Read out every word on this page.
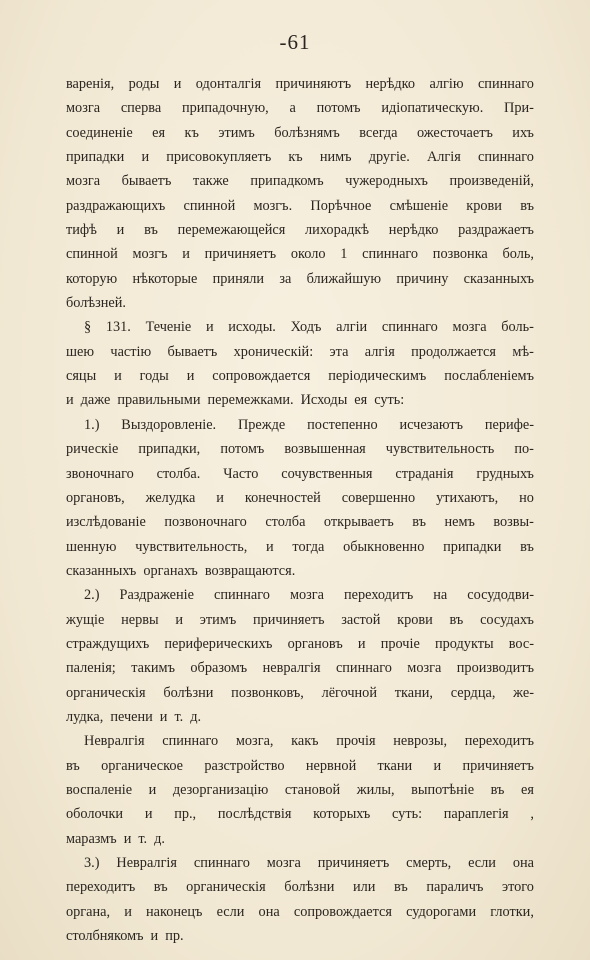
-61
варенiя, роды и одонталгiя причиняютъ нерѣдко алгiю спиннаго
мозга сперва припадочную, а потомъ идiопатическую. При-
соединенiе ея къ этимъ болѣзнямъ всегда ожесточаетъ ихъ
припадки и присовокупляетъ къ нимъ другiе. Алгiя спиннаго
мозга бываетъ также припадкомъ чужеродныхъ произведенiй,
раздражающихъ спинной мозгъ. Порѣчное смѣшенiе крови въ
тифѣ и въ перемежающейся лихорадкѣ нерѣдко раздражаетъ
спинной мозгъ и причиняетъ около 1 спиннаго позвонка боль,
которую нѣкоторые приняли за ближайшую причину сказанныхъ
болѣзней.
§ 131. Теченiе и исходы. Ходъ алгiи спиннаго мозга боль-
шею частiю бываетъ хроническiй: эта алгiя продолжается мѣ-
сяцы и годы и сопровождается перiодическимъ послабленiемъ
и даже правильными перемежками. Исходы ея суть:
1.) Выздоровленiе. Прежде постепенно исчезаютъ перифе-
рическiе припадки, потомъ возвышенная чувствительность по-
звоночнаго столба. Часто сочувственныя страданiя грудныхъ
органовъ, желудка и конечностей совершенно утихаютъ, но
изслѣдованiе позвоночнаго столба открываетъ въ немъ возвы-
шенную чувствительность, и тогда обыкновенно припадки въ
сказанныхъ органахъ возвращаются.
2.) Раздраженiе спиннаго мозга переходитъ на сосудодви-
жущiе нервы и этимъ причиняетъ застой крови въ сосудахъ
страждущихъ периферическихъ органовъ и прочiе продукты вос-
паленiя; такимъ образомъ невралгiя спиннаго мозга производитъ
органическiя болѣзни позвонковъ, лёгочной ткани, сердца, же-
лудка, печени и т. д.
Невралгiя спиннаго мозга, какъ прочiя неврозы, переходитъ
въ органическое разстройство нервной ткани и причиняетъ
воспаленiе и дезорганизацiю становой жилы, выпотѣнiе въ ея
оболочки и пр., послѣдствiя которыхъ суть: параплегiя ,
маразмъ и т. д.
3.) Невралгiя спиннаго мозга причиняетъ смерть, если она
переходитъ въ органическiя болѣзни или въ параличъ этого
органа, и наконецъ если она сопровождается судорогами глотки,
столбнякомъ и пр.
